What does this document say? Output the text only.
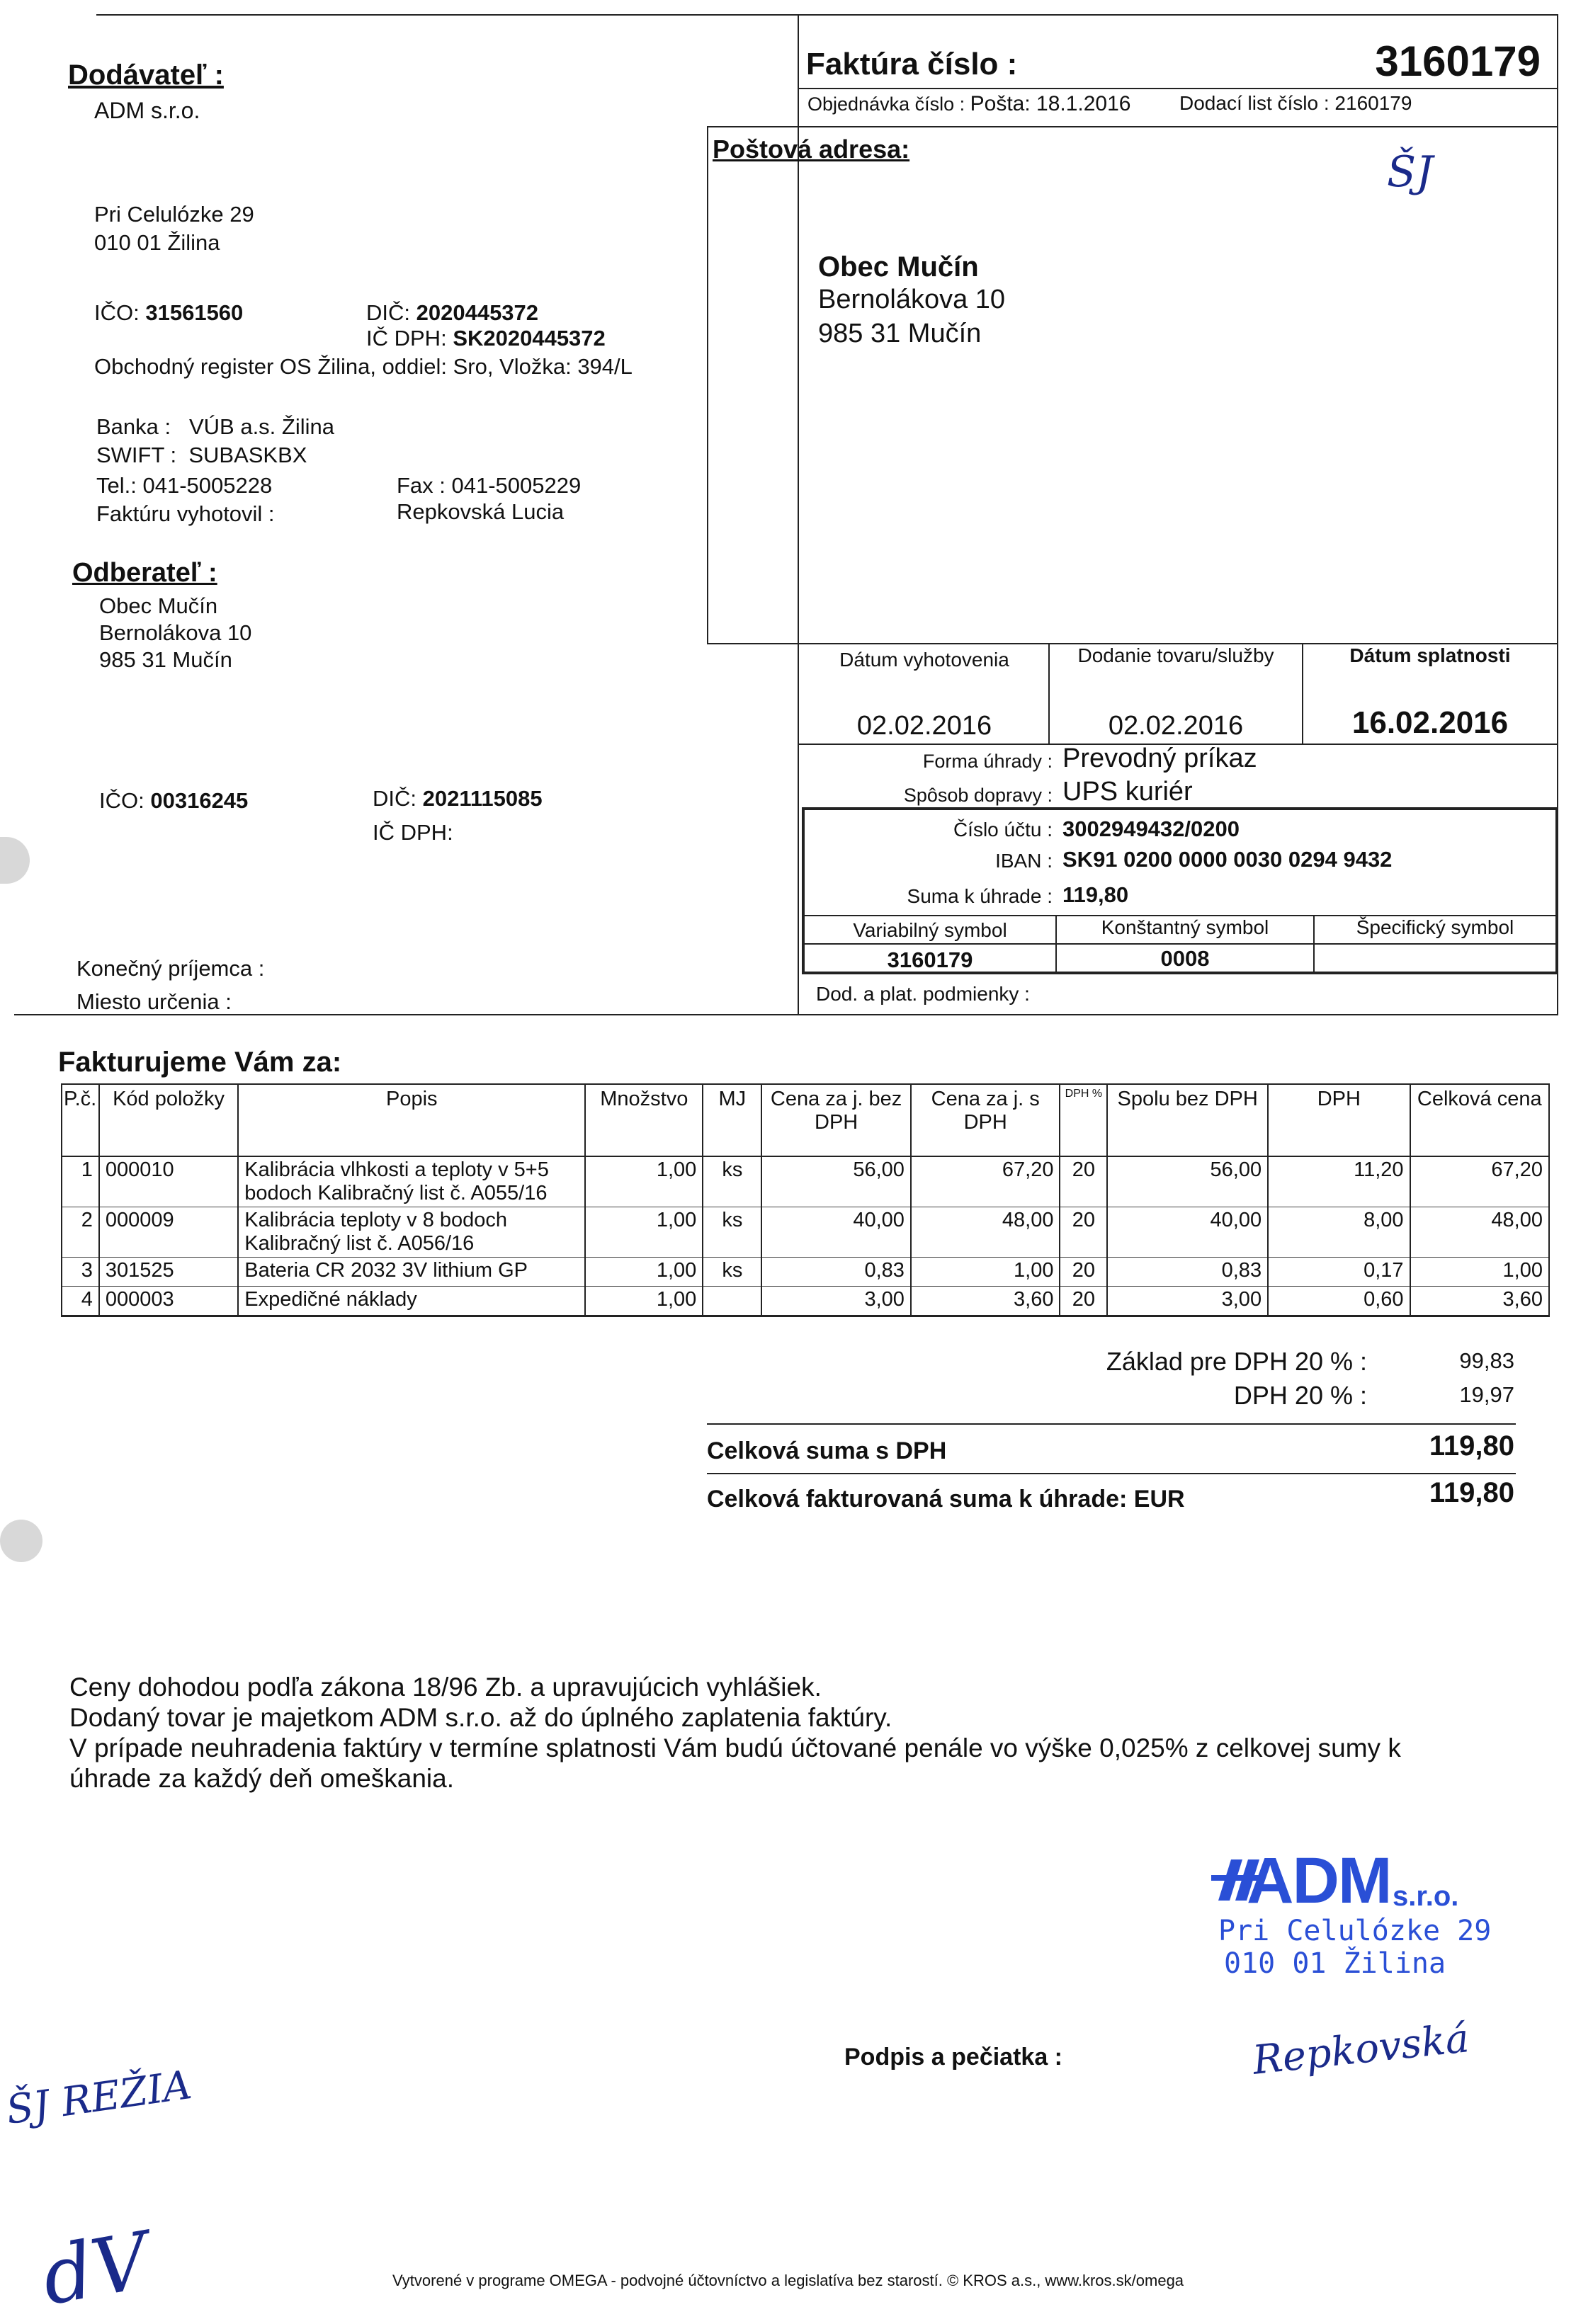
Dodávateľ :
ADM s.r.o.
Pri Celulózke 29
010 01 Žilina
IČO: 31561560	DIČ: 2020445372
IČ DPH: SK2020445372
Obchodný register OS Žilina, oddiel: Sro, Vložka: 394/L
Banka : VÚB a.s. Žilina
SWIFT : SUBASKBX
Tel.: 041-5005228	Fax : 041-5005229
Faktúru vyhotovil :	Repkovská Lucia
Faktúra číslo :	3160179
Objednávka číslo : Pošta: 18.1.2016 Dodací list číslo : 2160179
Poštová adresa:	ŠJ
Obec Mučín
Bernolákova 10
985 31 Mučín
Odberateľ :
Obec Mučín
Bernolákova 10
985 31 Mučín
IČO: 00316245	DIČ: 2021115085
IČ DPH:
Konečný príjemca :
Miesto určenia :
Dátum vyhotovenia	Dodanie tovaru/služby	Dátum splatnosti
02.02.2016	02.02.2016	16.02.2016
Forma úhrady : Prevodný príkaz
Spôsob dopravy : UPS kuriér
Číslo účtu : 3002949432/0200
IBAN : SK91 0200 0000 0030 0294 9432
Suma k úhrade : 119,80
Variabilný symbol	Konštantný symbol	Špecifický symbol
3160179	0008
Dod. a plat. podmienky :
Fakturujeme Vám za:
P.č.	Kód položky	Popis	Množstvo	MJ	Cena za j. bez DPH	Cena za j. s DPH	DPH %	Spolu bez DPH	DPH	Celková cena
1	000010	Kalibrácia vlhkosti a teploty v 5+5
bodoch Kalibračný list č. A055/16	1,00	ks	56,00	67,20	20	56,00	11,20	67,20
2	000009	Kalibrácia teploty v 8 bodoch
Kalibračný list č. A056/16	1,00	ks	40,00	48,00	20	40,00	8,00	48,00
3	301525	Bateria CR 2032 3V lithium GP	1,00	ks	0,83	1,00	20	0,83	0,17	1,00
4	000003	Expedičné náklady	1,00		3,00	3,60	20	3,00	0,60	3,60
Základ pre DPH 20 % :	99,83
DPH 20 % :	19,97
Celková suma s DPH	119,80
Celková fakturovaná suma k úhrade: EUR	119,80
Ceny dohodou podľa zákona 18/96 Zb. a upravujúcich vyhlášiek.
Dodaný tovar je majetkom ADM s.r.o. až do úplného zaplatenia faktúry.
V prípade neuhradenia faktúry v termíne splatnosti Vám budú účtované penále vo výške 0,025% z celkovej sumy k
úhrade za každý deň omeškania.
ADM s.r.o.
Pri Celulózke 29
010 01 Žilina
Repkovská
Podpis a pečiatka :
ŠJ REŽIA
dV	Vytvorené v programe OMEGA - podvojné účtovníctvo a legislatíva bez starostí. © KROS a.s., www.kros.sk/omega
